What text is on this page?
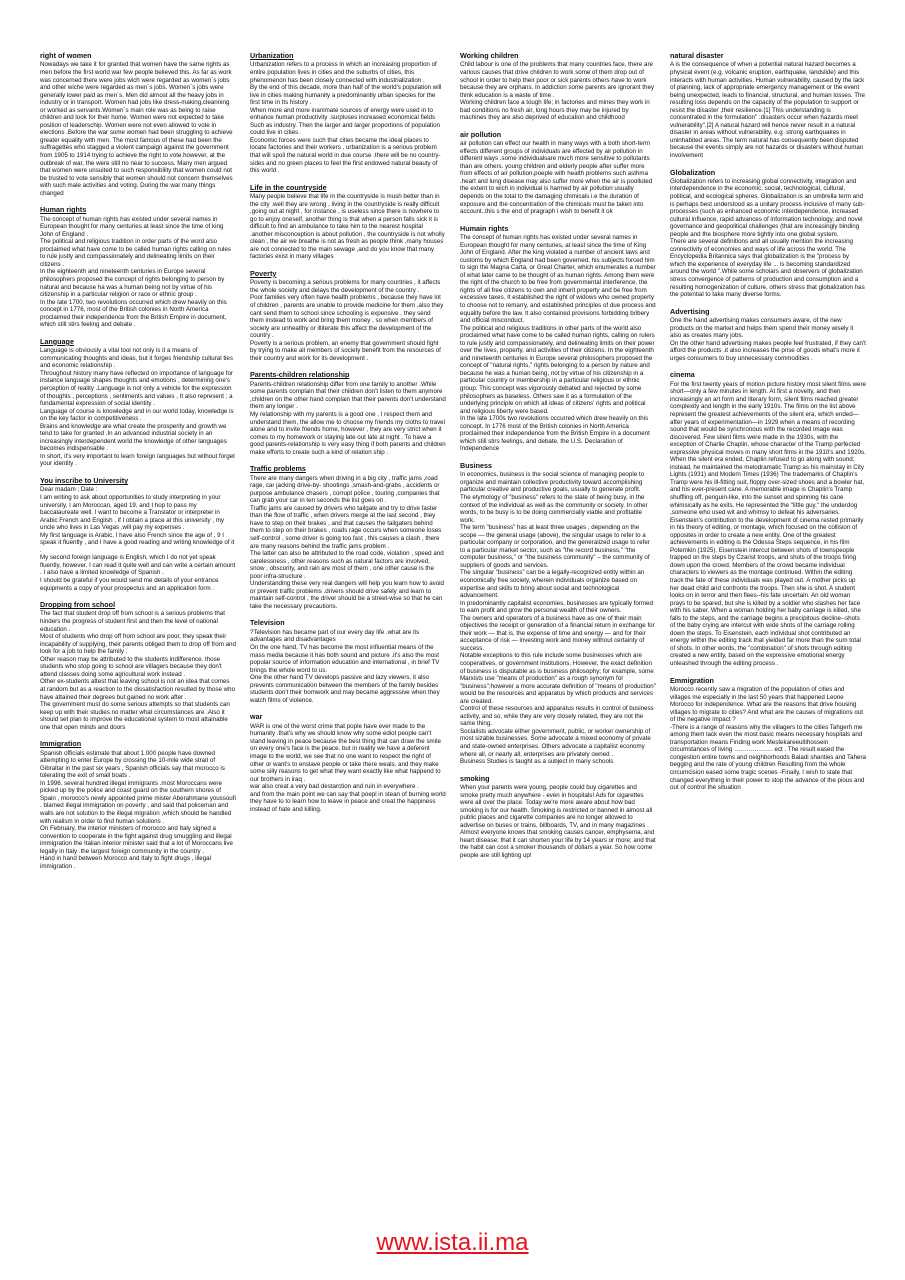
right of women

Nowadays we take it for granted that women have the same rights as men before the first world war few people believed this. As far as work was concerned there were jobs wich were regarded as women`s jobs and other wiche were regarded as men`s jobs. Women`s jobs were generally lower paid as men`s. Men did almost all the heavy jobs in industry or in transport. Women had jobs like dress-making,cleanning or worked as servants.Women`s main role was as being to raise children and look for their home. Women were not expected to take position of leaderschip. Women were not even allowed to vote in elections .Before the war some women had been struggling to achieve greater equality with men. The most famous of these had been the suffragettes who stagged a violent campaign against the government from 1905 to 1914 trying to achieve the right to vote.however, at the outbreak of war, the were still no near to success. Many men argued that women were unsuited to such responsibility that women could not be trusted to vote sensibly that women should not concern themselves with such male activities and voting. During the war many things changed

Human rights

The concept of human rights has existed under several names in European thought for many centuries at least since the time of king John of England .

The political and religious tradition in order parts of the word also proclaimed what have come to be called human rights calling on rules to rule justly and compassionately and delineating limits on their citizens .

In the eighteenth and nineteenth centuries in Europe several philosophers proposed the concept of rights belonging to person by natural and because ha was a human being not by virtue of his citizenship in a particular religion or race or ethnic group .

In the late 1700, two revolutions occurred which drew heavily on this concept in 1776, most of the British colonies in North America proclaimed their independence from the British Empire in document, which still stirs feeling and debate .

Language

Language is obviously a vital tool not only is it a means of communicating thoughts and ideas, but it forges friendship cultural ties and economic relationship .

Throughout history many have reflected on importance of language for instance language shapes thoughts and emotions , determining one's perception of reality .Language is not only a vehicle for the expression of thoughts , perceptions , sentiments and values , It also represent ; a fundamental expression of social identity .

Language of course is knowledge and in our world today, knowledge is on the key factor in competitiveness .

Brains and knowledge are what create the prosperity and growth we tend to take for granted .In an advanced industrial society in an increasingly interdependent world the knowledge of other languages becomes indispensable .

In short, it's very important to learn foreign languages but without forget your identity .

You inscribe to University

Dear madam ; Date :

I am writing to ask about opportunities to study interpreting in your university, I am Moroccan, aged 19, and I hop to pass my baccalaureate well. I want to become a Translator or interpreter in Arabic French and English , if I obtain a place at this university , my uncle who lives in Las Vegas ,will pay my expenses .

My first language is Arabic, I have also French since the age of , 9 I speak it fluently , and I have a good reading and writing knowledge of it .

My second foreign language is English, which I do not yet speak fluently, however. I can read it quite well and can write a certain amount . I also have a limited knowledge of Spanish .

I should be grateful if you would send me details of your entrance equipments a copy of your prospectus and an application form .

Dropping from school

The fact that student drop off from school is a serious problems that hinders the progress of student first and then the level of national education .

Most of students who drop off from school are poor, they speak their incapability of supplying, their parents obliged them to drop off from and look for a job to help the family .

Other reason may be attributed to the students indifference. those students who stop going to school are villagers because they don't attend classes doing some agricultural work instead .

Other ex-students attest that leaving school is not an idea that comes at random but as a reaction to the dissatisfaction resulted by those who have attained their degrees but gained no work after .

The government must do some serious attempts so that students can keep up with their studies no matter what circumstances are .Also it should set plan to improve the educational system to most attainable one that open minds and doors

Immigration

Spanish officials estimate that about 1.000 people have downed attempting to enter Europe by crossing the 10-mile wide strait of Gibraltar in the past six years , Spanish officials say that morocco is tolerating the exit of small boats .

In 1996. several hundred illegal immigrants .most Moroccans were picked up by the police and coast guard on the southern shores of Spain , morocco's newly appointed prime mister Aberahmane youssoufi . blamed illegal immigration on poverty , and said that policeman and walls are not solution to the illegal migration ,which should be handled with realism in order to find human solutions .

On February, the interior ministers of morocco and Italy signed a convention to cooperate in the fight against drug smuggling and illegal immigration the Italian interior minister said that a lot of Moroccans live legally in Italy .the largest foreign community in the country .

Hand in hand between Morocco and Italy to fight drugs , illegal immigration .

Urbanization

Urbanization refers to a process in which an increasing proportion of entire population lives in cities and the suburbs of cities, this phenomenon has been closely connected with industrialization .

By the end of this decade, more than half of the world's population will live in cities making humanity a predominantly urban species for the first time in Its history .

When more and more inanimate sources of energy were used in to enhance human productivity .surpluses increased economical fields

Such as industry. Then the larger and larger proportions of population could live in cities .

Economic forces were such that cities became the ideal places to locate factories and their workers , urbanization is a serious problem that will spoil the natural world in due course .there will be no country-sides and no green places to feel the first endowed natural beauty of this world .

Life in the countryside

Many people believe that life in the countryside is mush better than in the city .well they are wrong , living in the countryside is really difficult ,going out at night , for instance , is useless since there is nowhere to go to enjoy oneself, another thing is that when a person falls sick it is difficult to find an ambulance to take him to the nearest hospital .another misconception is about pollution , the countryside is not wholly clean , the air we breathe is not as fresh as people think ,many houses are not connected to the main sewage ,and do you know that many factories exist in many villages

Poverty

Poverty is becoming a serious problems for many countries , it affects the whole society and delays the development of the country .

Poor families very often have health problems , because they have lot of children , parents are unable to provide medicine for them ,also they cant send them to school since schooling is expensive , they send them instead to work and bring them money , so when members of society are unhealthy or illiterate this affect the development of the country .

Poverty is a serious problem, an enemy that government should fight by trying to make all members of society benefit from the resources of their country and work for its development .

Parents-children relationship

Parents-children relationship differ from one family to another .While some parents complain that their children don't listen to them anymore ,children on the other hand complain that their parents don't understand them any longer .

My relationship with my parents is a good one , I respect them and understand them, the allow me to choose my friends my cloths to travel alone and to invite friends home, however , they are very strict when it comes to my homework or staying late out late at night . To have a good parents-relationship is very easy thing if both parents and children make efforts to create such a kind of relation ship .

Traffic problems

There are many dangers when driving in a big city , traffic jams ,road rage, car jacking drive-by- shootings ,smash-and-grabs , accidents or purpose ambulance chasers , corrupt police , touring ,companies that can grab your car in ten seconds the list goes on .

Traffic jams are caused by drivers who tailgate and try to drive faster than the flow of traffic , when drivers merge at the last second , they have to step on their brakes , and that causes the tailgaters behind them to step on their brakes , roads rage occurs when someone loses self-control , some driver is going too fast , this causes a clash , there are many reasons behind the traffic jams problem .

The latter can also be attributed to the road code, violation , speed and carelessness , other reasons such as natural factors are involved, snow , obscurity, and rain are most of them , one other cause is the poor infra-structure .

Understanding these very real dangers will help you learn how to avoid or prevent traffic problems .drivers should drive safely and learn to maintain self-control , the driver should be a street-wise so that he can take the necessary precautions.

Television

?Television has became part of our every day life .what are its advantages and disadvantages

On the one hand, TV has become the most influential means of the mass media because it has both sound and picture .it's also the most popular source of information education and international , in brief TV brings the whole word to us.

One the other hand TV develops passive and lazy viewers. it also prevents communication between the members of the family besides students don't their homwork and may became aggressive when they watch films of violence.

war

WAR is one of the worst crime that pople have ever made to the humanity .that's why we should know why some ediot people can't stand leaving in peace because the best thing that can draw the smile on every one's face is the peace. but in reality we have a deferent image to the world, we see that no one want to respect the right of other or want's to enslave people or take there weals, and they make some silly reasons to get what they want exactly like what happend to our brothers in iraq .

war also creat a very bad destarction and ruin in everywhere .

and from the main point we can say that poepl in stean of burning world they have to to learn how to leave in peace and creat the happiness instead of hate and killing.

Working children

Child labour is one of the problems that many countries face, there are various causes that drive children to work some of them drop out of school in order to help their poor or sick parents others have to work because they are orphans. In addiction some parents are ignorant they think education is a waste of time .

Working children face a tough life; in factories and mines they work in bad conditions no fresh air, long hours they may be injured by machines they are also deprived of education and childhood

air pollution

air pollution can effect our health in many ways with a both short-term effects different groups of individuals are effected by air pollution in different ways .some individualsare much more sensitive to pollutants than are others. young children and elderly people after suffer more from effects of air pollution.poeple with health problems such asthma .heart and lung disease may also suffer more when the air is poolluted the extent to wich in individual is harmed by air pollution usually depends on the total to the damaging chimicals i.e the duration of exposure and the concentration of the chimicals must be taken into account..this s the end of pragraph i wish to benefit it ok

Humain rights

The concept of human rights has existed under several names in European thought for many centuries, at least since the time of King John of England. After the king violated a number of ancient laws and customs by which England had been governed, his subjects forced him to sign the Magna Carta, or Great Charter, which enumerates a number of what later came to be thought of as human rights. Among them were the right of the church to be free from governmental interference, the rights of all free citizens to own and inherit property and be free from excessive taxes. It established the right of widows who owned property to choose not to remarry, and established principles of due process and equality before the law. It also contained provisions forbidding bribery and official misconduct.

The political and religious traditions in other parts of the world also proclaimed what have come to be called human rights, calling on rulers to rule justly and compassionately, and delineating limits on their power over the lives, property, and activities of their citizens. In the eighteenth and nineteenth centuries in Europe several philosophers proposed the concept of "natural rights," rights belonging to a person by nature and because he was a human being, not by virtue of his citizenship in a particular country or membership in a particular religious or ethnic group. This concept was vigorously debated and rejected by some philosophers as baseless. Others saw it as a formulation of the underlying principle on which all ideas of citizens' rights and political and religious liberty were based.

In the late 1700s two revolutions occurred which drew heavily on this concept. In 1776 most of the British colonies in North America proclaimed their independence from the British Empire in a document which still stirs feelings, and debate, the U.S. Declaration of Independence

Business

In economics, business is the social science of managing people to organize and maintain collective productivity toward accomplishing particular creative and productive goals, usually to generate profit.

The etymology of "business" refers to the state of being busy, in the context of the individual as well as the community or society. In other words, to be busy is to be doing commercially viable and profitable work.

The term "business" has at least three usages , depending on the scope — the general usage (above), the singular usage to refer to a particular company or corporation, and the generalized usage to refer to a particular market sector, such as "the record business," "the computer business," or "the business community" – the community of suppliers of goods and services.

The singular "business" can be a legally-recognized entity within an economically free society, wherein individuals organize based on expertise and skills to bring about social and technological advancement.

In predominantly capitalist economies, businesses are typically formed to earn profit and grow the personal wealth of their owners.

The owners and operators of a business have as one of their main objectives the receipt or generation of a financial return in exchange for their work — that is, the expense of time and energy — and for their acceptance of risk — investing work and money without certainty of success.

Notable exceptions to this rule include some businesses which are cooperatives, or government institutions. However, the exact definition of business is disputable as is business philosophy; for example, some Marxists use "means of production" as a rough synonym for "business";however a more accurate definition of "means of production" would be the resources and apparatus by which products and services are created.

Control of these resources and apparatus results in control of business activity, and so, while they are very closely related, they are not the same thing.

Socialists advocate either government, public, or worker ownership of most sizable businesses. Some advocate a mixed economy of private and state-owned enterprises. Others advocate a capitalist economy where all, or nearly all, enterprises are privately owned .

Business Studies is taught as a subject in many schools

smoking

When your parents were young, people could buy cigarettes and smoke pretty much anywhere - even in hospitals! Ads for cigarettes were all over the place. Today we're more aware about how bad smoking is for our health. Smoking is restricted or banned in almost all public places and cigarette companies are no longer allowed to advertise on buses or trains, billboards, TV, and in many magazines .

Almost everyone knows that smoking causes cancer, emphysema, and heart disease; that it can shorten your life by 14 years or more; and that the habit can cost a smoker thousands of dollars a year. So how come people are still lighting up!

natural disaster

A is the consequence of when a potential natural hazard becomes a physical event (e.g. volcanic eruption, earthquake, landslide) and this interacts with human activities. Human vulnerability, caused by the lack of planning, lack of appropriate emergency management or the event being unexpected, leads to financial, structural, and human losses. The resulting loss depends on the capacity of the population to support or resist the disaster ,their resilience.[1] This understanding is concentrated in the formulation" :disasters occur when hazards meet vulnerability".[2] A natural hazard will hence never result in a natural disaster in areas without vulnerability, e.g .strong earthquakes in uninhabited areas. The term natural has consequently been disputed because the events simply are not hazards or disasters without human involvement

Globalization

Globalization refers to increasing global connectivity, integration and interdependence in the economic, social, technological, cultural, political, and ecological spheres. Globalization is an umbrella term and is perhaps best understood as a unitary process inclusive of many sub-processes (such as enhanced economic interdependence, increased cultural influence, rapid advances of information technology, and novel governance and geopolitical challenges (that are increasingly binding people and the biosphere more tightly into one global system.

There are several definitions and all usually mention the increasing connectivity of economies and ways of life across the world. The Encyclopedia Britannica says that globalization is the "process by which the experience of everyday life ... is becoming standardized around the world ".While some scholars and observers of globalization stress convergence of patterns of production and consumption and a resulting homogenization of culture, others stress that globalization has the potential to take many diverse forms.

Advertising

One the hand advertising makes consumers aware, of the new products on the market and helps them spend their money wisely it also as creates many jobs.

On the other hand advertising makes people feel frustrated, if they can't afford the products .it also increases the prise of goods what's more it urges consumers to buy unnecessary commodities .

cinema

For the first twenty years of motion picture history most silent films were short—only a few minutes in length. At first a novelty, and then increasingly an art form and literary form, silent films reached greater complexity and length in the early 1910s. The films on the list above represent the greatest achievements of the silent era, which ended—after years of experimentation—in 1929 when a means of recording sound that would be synchronous with the recorded image was discovered. Few silent films were made in the 1930s, with the exception of Charlie Chaplin, whose character of the Tramp perfected expressive physical moves in many short films in the 1910's and 1920s. When the silent era ended, Chaplin refused to go along with sound; instead, he maintained the melodramatic Tramp as his mainstay in City Lights (1931) and Modern Times (1936) The trademarks of Chaplin's Tramp were his ill-fitting suit, floppy over-sized shoes and a bowler hat, and his ever-present cane. A memorable image is Chaplin's Tramp shuffling off, penguin-like, into the sunset and spinning his cane whimsically as he exits. He represented the "little guy," the underdog ,someone who used wit and whimsy to defeat his adversaries.

Eisenstein's contribution to the development of cinema rested primarily in his theory of editing, or montage, which focused on the collision of opposites in order to create a new entity. One of the greatest achievements in editing is the Odessa Steps sequence, in his film Potemkin (1925). Eisenstein intercut between shots of townspeople trapped on the steps by Czarist troops, and shots of the troops firing down upon the crowd. Members of the crowd became individual characters to viewers as the montage continued. Within the editing track the fate of these individuals was played out. A mother picks up her dead child and confronts the troops. Then she is shot. A student looks on in terror and then flees--his fate uncertain. An old woman prays to be spared, but she is killed by a soldier who slashes her face with his saber. When a woman holding her baby carriage is killed, she falls to the steps, and the carriage begins a precipitous decline--shots of the baby crying are intercut with wide shots of the carriage rolling down the steps. To Eisenstein, each individual shot contributed an energy within the editing track that yielded far more than the sum total of shots. In other words, the "combination" of shots through editing created a new entity, based on the expressive emotional energy unleashed through the editing process .

Emmigration

Morocco recently saw a migration of the population of cities and villages me especially in the last 50 years that happened Leone Morocco for independence. What are the reasons that drive housing villages to migrate to cities? And what are the causes of migrations out of the negative impact ?

-There is a range of reasons why the villagers to the cities Tahgerh me among them lack even the most basic means necessary hospitals and transportation means Finding work Mestekareeultihossein circumstances of living ………………. ect . The result eased the congestion entire towns and neighborhoods Baladi shanties and Tahera begging and the rate of young children Resulting from the whole circumcision eased some tragic scenes -Finally, I wish to state that changed everything in their power to stop the advance of the pious and out of control the situation

www.ista.ii.ma
